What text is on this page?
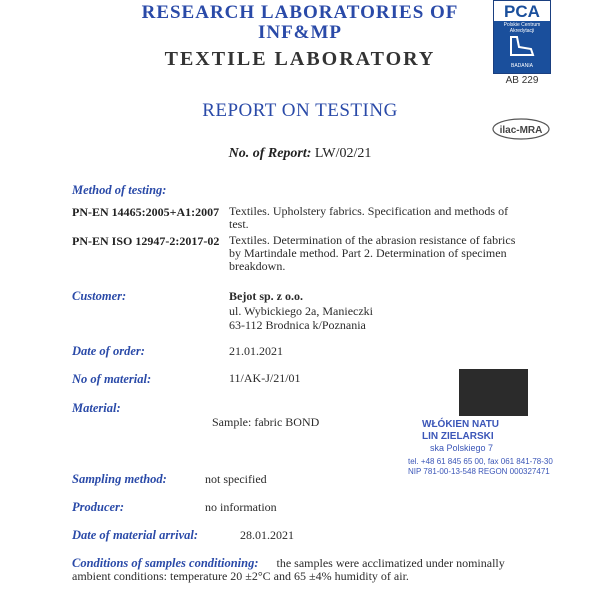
RESEARCH LABORATORIES OF
INF&MP
TEXTILE LABORATORY
PCA
Polskie Centrum Akredytacji
BADANIA
AB 229
ilac-MRA
REPORT ON TESTING
No. of Report: LW/02/21
Method of testing:
PN-EN 14465:2005+A1:2007 Textiles. Upholstery fabrics. Specification and methods of
test.
PN-EN ISO 12947-2:2017-02 Textiles. Determination of the abrasion resistance of fabrics
by Martindale method. Part 2. Determination of specimen
breakdown.
Customer:	Bejot sp. z o.o.
ul. Wybickiego 2a, Manieczki
63-112 Brodnica k/Poznania
Date of order:	21.01.2021
No of material:	11/AK-J/21/01
Material:
Sample: fabric BOND	WŁÓKIEN NATU
LIN ZIELARSKI
ska Polskiego 7
tel. +48 61 845 65 00, fax 061 841-78-30
NIP 781-00-13-548 REGON 000327471
Sampling method:	not specified
Producer:	no information
Date of material arrival:	28.01.2021
Conditions of samples conditioning: the samples were acclimatized under nominally
ambient conditions: temperature 20 ±2°C and 65 ±4% humidity of air.
